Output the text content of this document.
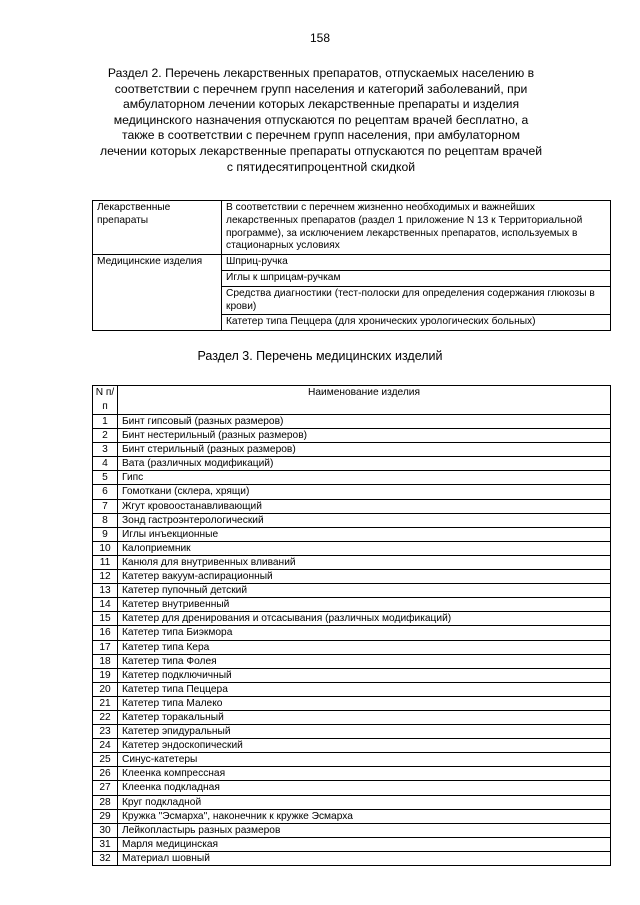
158
Раздел 2. Перечень лекарственных препаратов, отпускаемых населению в соответствии с перечнем групп населения и категорий заболеваний, при амбулаторном лечении которых лекарственные препараты и изделия медицинского назначения отпускаются по рецептам врачей бесплатно, а также в соответствии с перечнем групп населения, при амбулаторном лечении которых лекарственные препараты отпускаются по рецептам врачей с пятидесятипроцентной скидкой
Лекарственные препараты	В соответствии с перечнем жизненно необходимых и важнейших лекарственных препаратов (раздел 1 приложение N 13 к Территориальной программе), за исключением лекарственных препаратов, используемых в стационарных условиях
Медицинские изделия	Шприц-ручка
	Иглы к шприцам-ручкам
	Средства диагностики (тест-полоски для определения содержания глюкозы в крови)
	Катетер типа Пеццера (для хронических урологических больных)
Раздел 3. Перечень медицинских изделий
N п/п	Наименование изделия
1	Бинт гипсовый (разных размеров)
2	Бинт нестерильный (разных размеров)
3	Бинт стерильный (разных размеров)
4	Вата (различных модификаций)
5	Гипс
6	Гомоткани (склера, хрящи)
7	Жгут кровоостанавливающий
8	Зонд гастроэнтерологический
9	Иглы инъекционные
10	Калоприемник
11	Канюля для внутривенных вливаний
12	Катетер вакуум-аспирационный
13	Катетер пупочный детский
14	Катетер внутривенный
15	Катетер для дренирования и отсасывания (различных модификаций)
16	Катетер типа Биэкмора
17	Катетер типа Кера
18	Катетер типа Фолея
19	Катетер подключичный
20	Катетер типа Пеццера
21	Катетер типа Малеко
22	Катетер торакальный
23	Катетер эпидуральный
24	Катетер эндоскопический
25	Синус-катетеры
26	Клеенка компрессная
27	Клеенка подкладная
28	Круг подкладной
29	Кружка "Эсмарха", наконечник к кружке Эсмарха
30	Лейкопластырь разных размеров
31	Марля медицинская
32	Материал шовный
